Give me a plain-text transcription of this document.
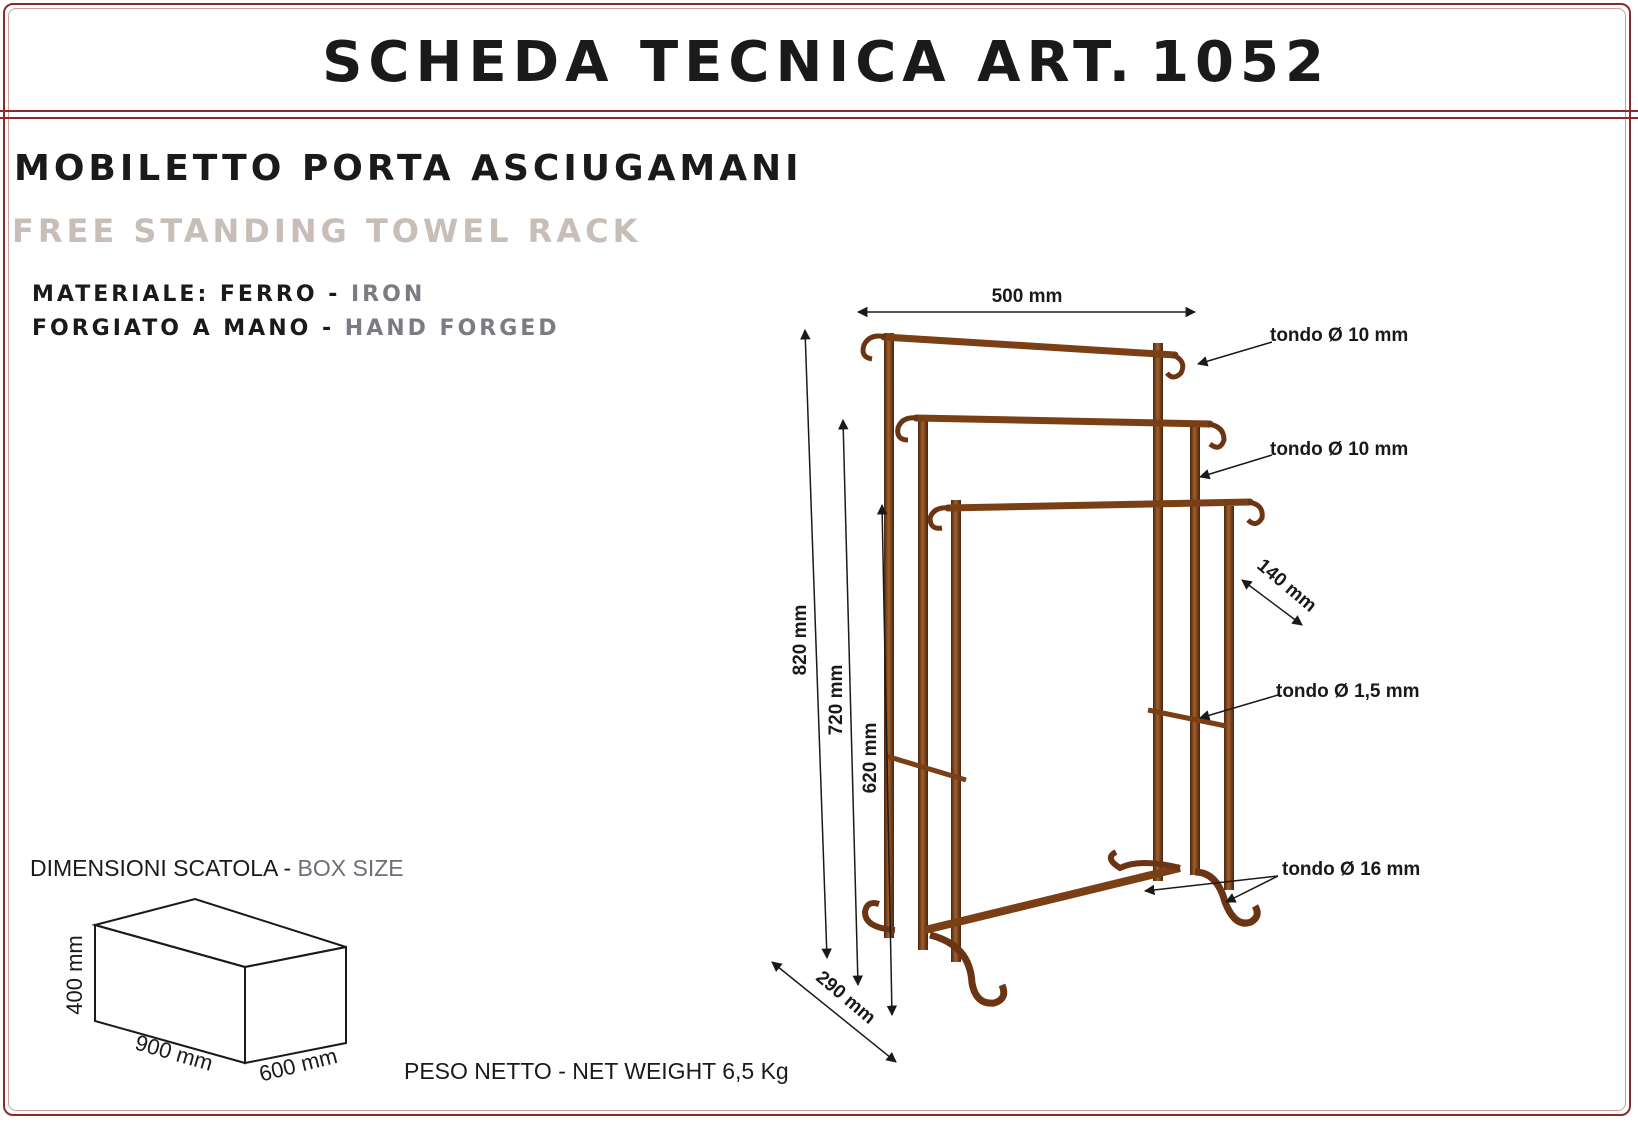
SCHEDA TECNICA ART. 1052
MOBILETTO PORTA ASCIUGAMANI
FREE STANDING TOWEL RACK
MATERIALE: FERRO - IRON
FORGIATO A MANO - HAND FORGED
DIMENSIONI SCATOLA - BOX SIZE
400 mm
900 mm 600 mm	PESO NETTO - NET WEIGHT 6,5 Kg
500 mm
820 mm
720 mm
620 mm
290 mm
140 mm
tondo Ø 10 mm
tondo Ø 10 mm
tondo Ø 1,5 mm
tondo Ø 16 mm
